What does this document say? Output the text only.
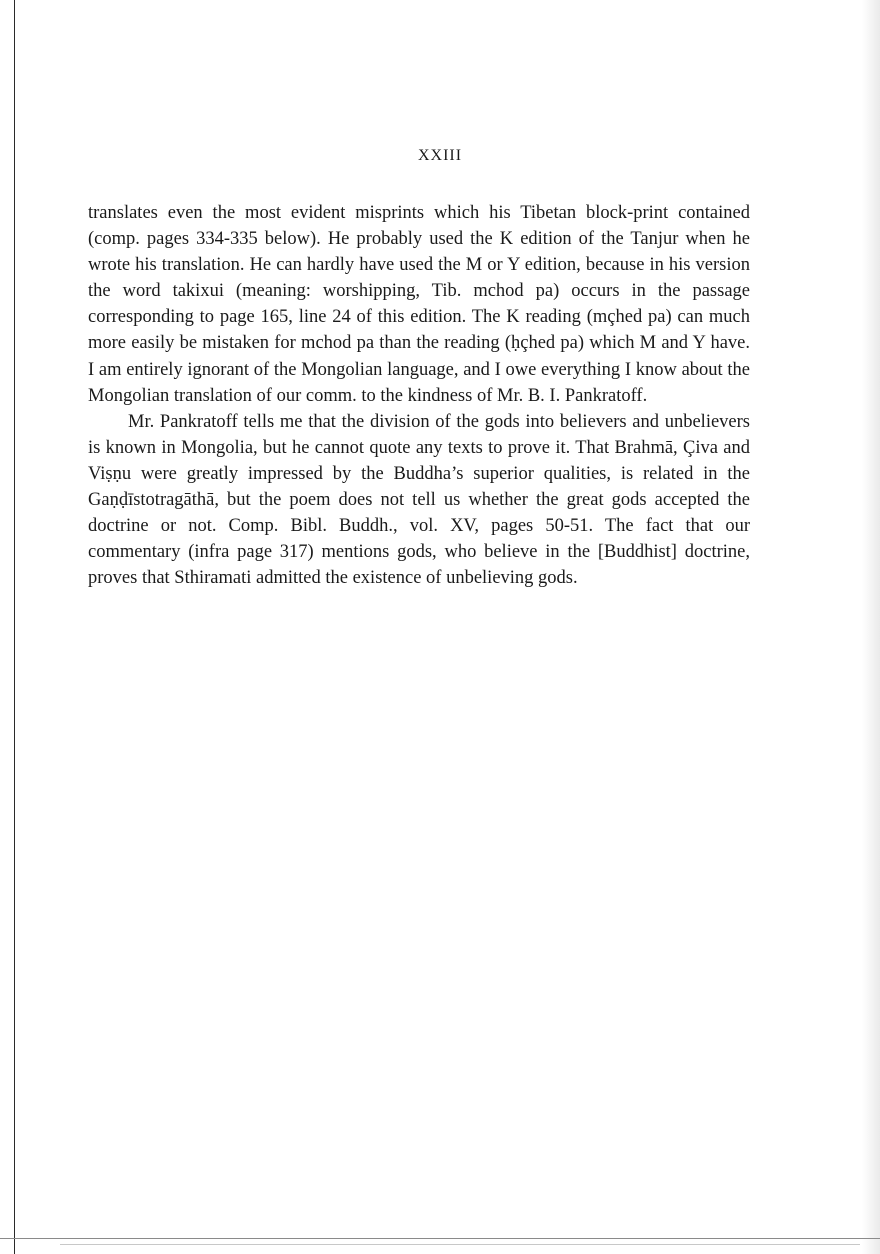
XXIII

translates even the most evident misprints which his Tibetan block-print contained (comp. pages 334-335 below). He probably used the K edition of the Tanjur when he wrote his translation. He can hardly have used the M or Y edition, because in his version the word takixui (meaning: worshipping, Tib. mchod pa) occurs in the passage corresponding to page 165, line 24 of this edition. The K reading (mçhed pa) can much more easily be mistaken for mchod pa than the reading (ḥçhed pa) which M and Y have. I am entirely ignorant of the Mongolian language, and I owe everything I know about the Mongolian translation of our comm. to the kindness of Mr. B. I. Pankratoff.

Mr. Pankratoff tells me that the division of the gods into believers and unbelievers is known in Mongolia, but he cannot quote any texts to prove it. That Brahmā, Çiva and Viṣṇu were greatly impressed by the Buddha’s superior qualities, is related in the Gaṇḍīstotragāthā, but the poem does not tell us whether the great gods accepted the doctrine or not. Comp. Bibl. Buddh., vol. XV, pages 50-51. The fact that our commentary (infra page 317) mentions gods, who believe in the [Buddhist] doctrine, proves that Sthiramati admitted the existence of unbelieving gods.
